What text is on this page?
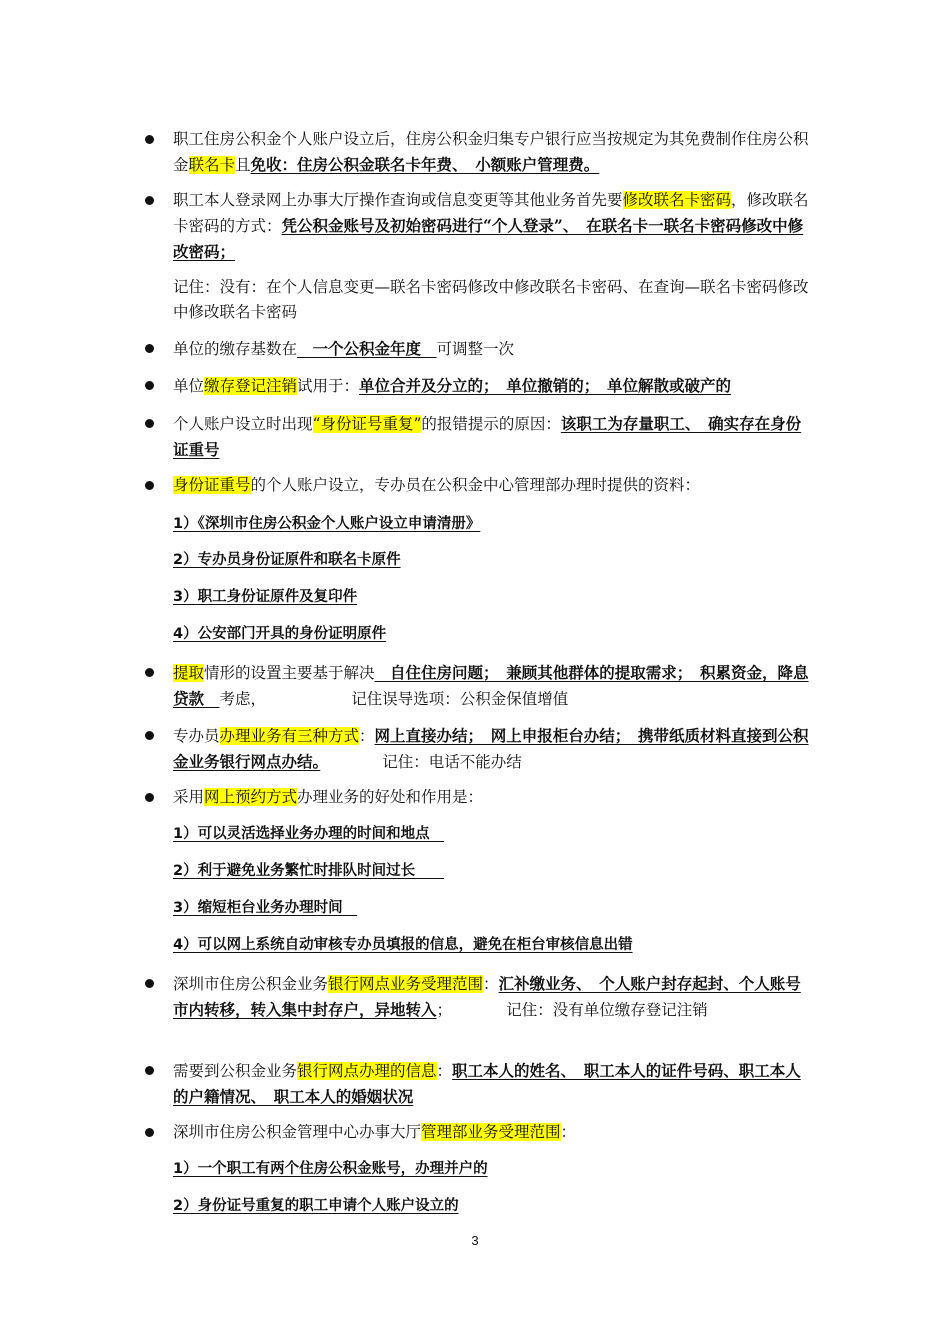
职工住房公积金个人账户设立后，住房公积金归集专户银行应当按规定为其免费制作住房公积金联名卡且免收：住房公积金联名卡年费、　小额账户管理费。
职工本人登录网上办事大厅操作查询或信息变更等其他业务首先要修改联名卡密码，修改联名卡密码的方式：凭公积金账号及初始密码进行“个人登录”、　在联名卡一联名卡密码修改中修改密码；
记住：没有：在个人信息变更—联名卡密码修改中修改联名卡密码、在查询—联名卡密码修改中修改联名卡密码
单位的缴存基数在　一个公积金年度　可调整一次
单位缴存登记注销试用于：单位合并及分立的；　单位撤销的；　单位解散或破产的
个人账户设立时出现“身份证号重复”的报错提示的原因：该职工为存量职工、　确实存在身份证重号
身份证重号的个人账户设立，专办员在公积金中心管理部办理时提供的资料：
1）《深圳市住房公积金个人账户设立申请清册》
2）专办员身份证原件和联名卡原件
3）职工身份证原件及复印件
4）公安部门开具的身份证明原件
提取情形的设置主要基于解决　自住住房问题；　兼顾其他群体的提取需求；　积累资金，降息贷款　考虑，　　　　　　记住误导选项：公积金保值增值
专办员办理业务有三种方式：网上直接办结；　网上申报柜台办结；　携带纸质材料直接到公积金业务银行网点办结。　　　　记住：电话不能办结
采用网上预约方式办理业务的好处和作用是：
1）可以灵活选择业务办理的时间和地点　
2）利于避免业务繁忙时排队时间过长　　
3）缩短柜台业务办理时间　
4）可以网上系统自动审核专办员填报的信息，避免在柜台审核信息出错
深圳市住房公积金业务银行网点业务受理范围：汇补缴业务、　个人账户封存起封、个人账号市内转移，转入集中封存户，异地转入；　　　　记住：没有单位缴存登记注销
需要到公积金业务银行网点办理的信息：职工本人的姓名、　职工本人的证件号码、职工本人的户籍情况、　职工本人的婚姻状况
深圳市住房公积金管理中心办事大厅管理部业务受理范围：
1）一个职工有两个住房公积金账号，办理并户的
2）身份证号重复的职工申请个人账户设立的
3
